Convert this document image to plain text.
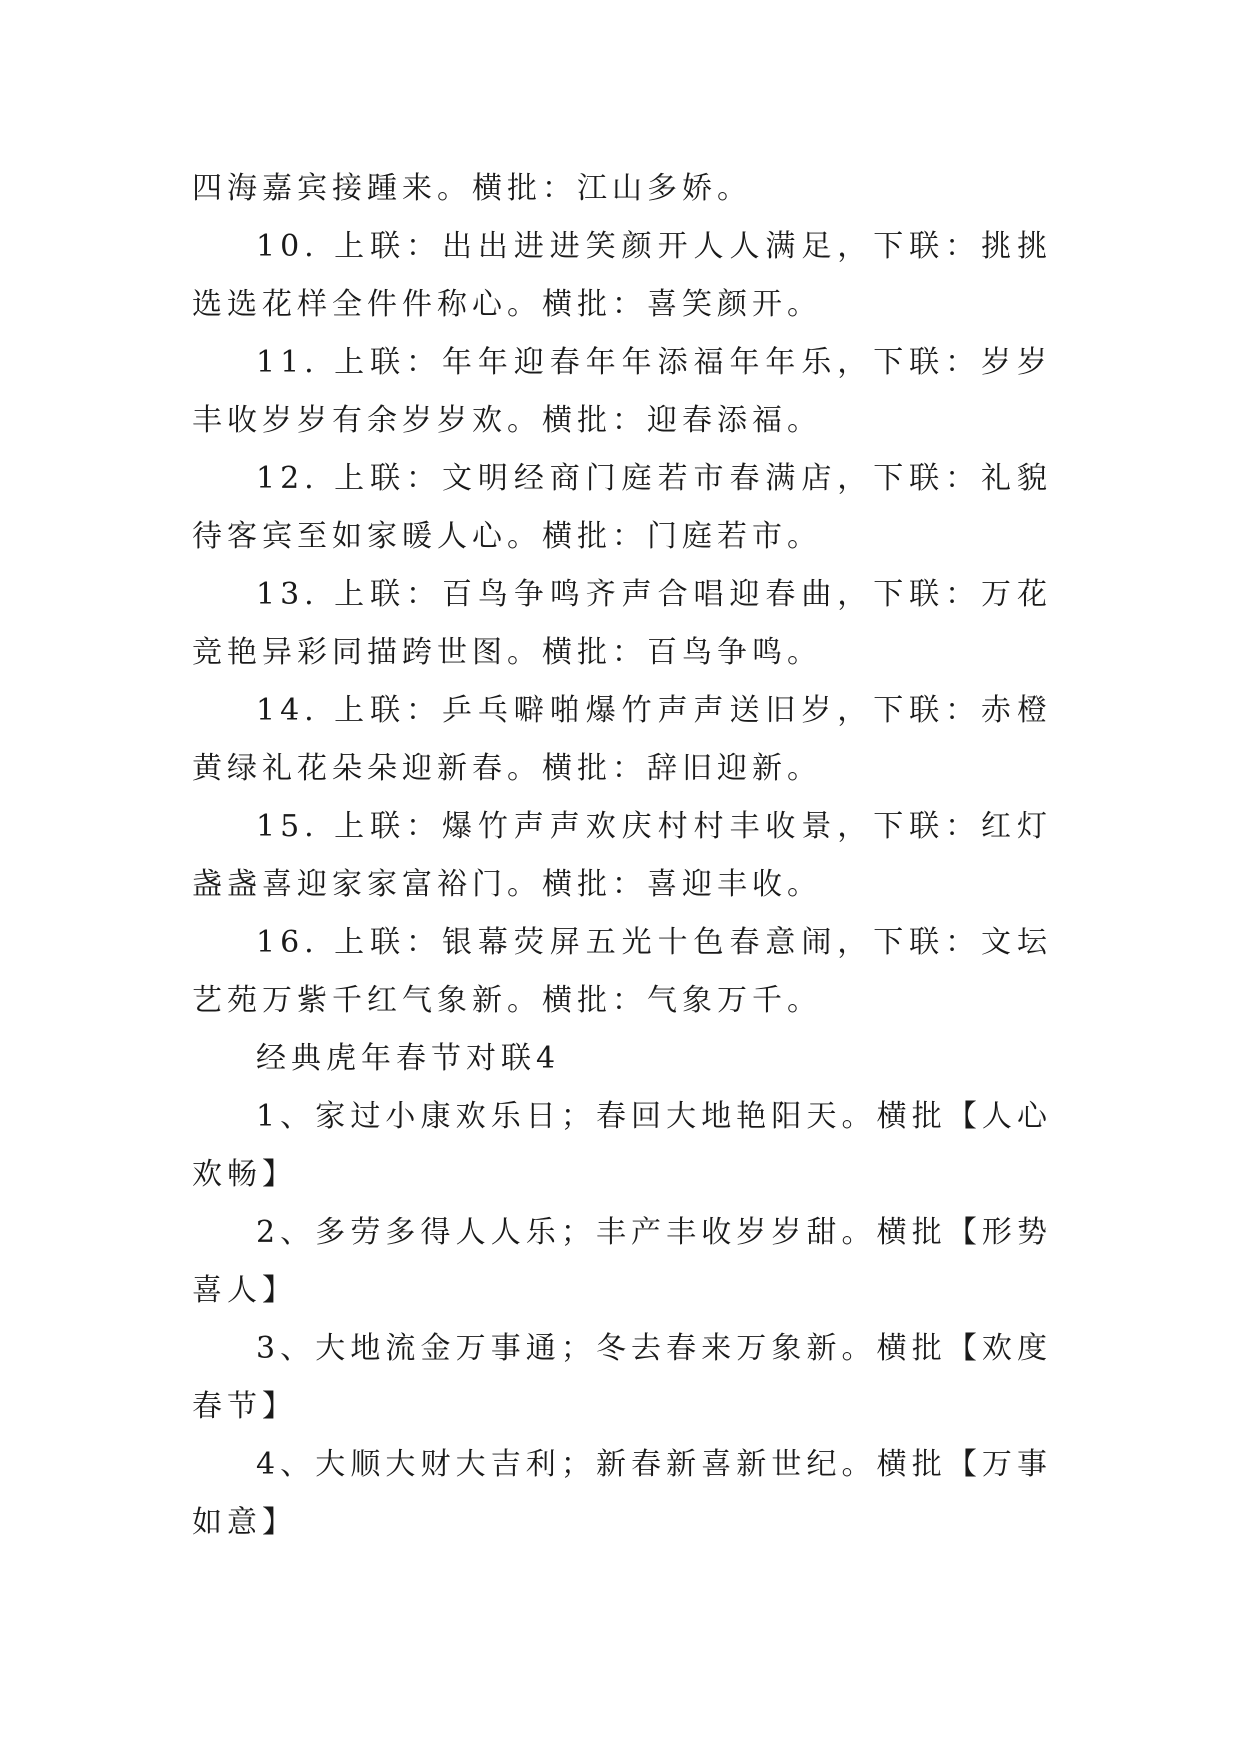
四海嘉宾接踵来。横批：江山多娇。

10. 上联：出出进进笑颜开人人满足，下联：挑挑选选花样全件件称心。横批：喜笑颜开。

11. 上联：年年迎春年年添福年年乐，下联：岁岁丰收岁岁有余岁岁欢。横批：迎春添福。

12. 上联：文明经商门庭若市春满店，下联：礼貌待客宾至如家暖人心。横批：门庭若市。

13. 上联：百鸟争鸣齐声合唱迎春曲，下联：万花竞艳异彩同描跨世图。横批：百鸟争鸣。

14. 上联：乒乓噼啪爆竹声声送旧岁，下联：赤橙黄绿礼花朵朵迎新春。横批：辞旧迎新。

15. 上联：爆竹声声欢庆村村丰收景，下联：红灯盏盏喜迎家家富裕门。横批：喜迎丰收。

16. 上联：银幕荧屏五光十色春意闹，下联：文坛艺苑万紫千红气象新。横批：气象万千。

经典虎年春节对联4

1、家过小康欢乐日；春回大地艳阳天。横批【人心欢畅】

2、多劳多得人人乐；丰产丰收岁岁甜。横批【形势喜人】

3、大地流金万事通；冬去春来万象新。横批【欢度春节】

4、大顺大财大吉利；新春新喜新世纪。横批【万事如意】
